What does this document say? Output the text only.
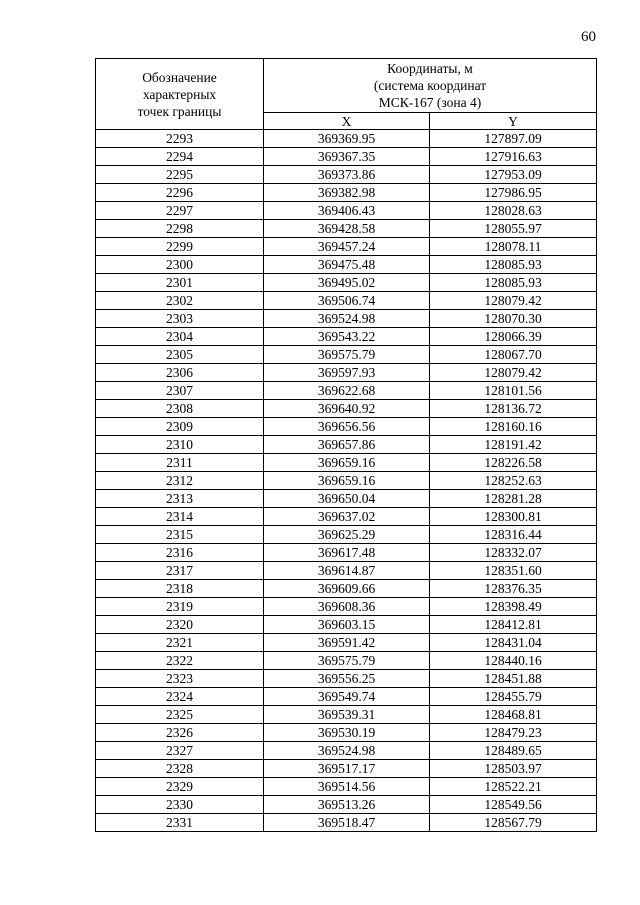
60
Обозначение
характерных
точек границы	Координаты, м
(система координат
МСК-167 (зона 4)	

	X	Y
2293	369369.95	127897.09
2294	369367.35	127916.63
2295	369373.86	127953.09
2296	369382.98	127986.95
2297	369406.43	128028.63
2298	369428.58	128055.97
2299	369457.24	128078.11
2300	369475.48	128085.93
2301	369495.02	128085.93
2302	369506.74	128079.42
2303	369524.98	128070.30
2304	369543.22	128066.39
2305	369575.79	128067.70
2306	369597.93	128079.42
2307	369622.68	128101.56
2308	369640.92	128136.72
2309	369656.56	128160.16
2310	369657.86	128191.42
2311	369659.16	128226.58
2312	369659.16	128252.63
2313	369650.04	128281.28
2314	369637.02	128300.81
2315	369625.29	128316.44
2316	369617.48	128332.07
2317	369614.87	128351.60
2318	369609.66	128376.35
2319	369608.36	128398.49
2320	369603.15	128412.81
2321	369591.42	128431.04
2322	369575.79	128440.16
2323	369556.25	128451.88
2324	369549.74	128455.79
2325	369539.31	128468.81
2326	369530.19	128479.23
2327	369524.98	128489.65
2328	369517.17	128503.97
2329	369514.56	128522.21
2330	369513.26	128549.56
2331	369518.47	128567.79
